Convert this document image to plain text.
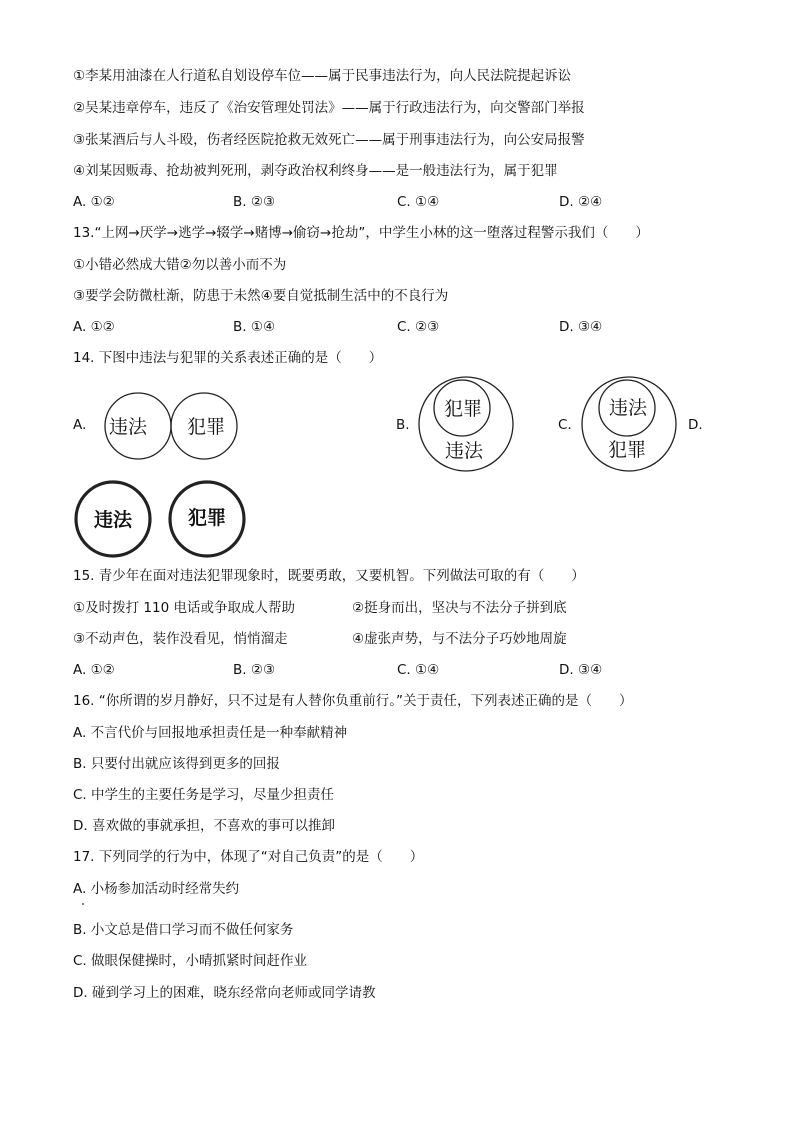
①李某用油漆在人行道私自划设停车位——属于民事违法行为，向人民法院提起诉讼
②吴某违章停车，违反了《治安管理处罚法》——属于行政违法行为，向交警部门举报
③张某酒后与人斗殴，伤者经医院抢救无效死亡——属于刑事违法行为，向公安局报警
④刘某因贩毒、抢劫被判死刑，剥夺政治权利终身——是一般违法行为，属于犯罪
A. ①②	B. ②③	C. ①④	D. ②④
13.“上网→厌学→逃学→辍学→赌博→偷窃→抢劫”，中学生小林的这一堕落过程警示我们（　　）
①小错必然成大错②勿以善小而不为
③要学会防微杜渐，防患于未然④要自觉抵制生活中的不良行为
A. ①②	B. ①④	C. ②③	D. ③④
14. 下图中违法与犯罪的关系表述正确的是（　　）
A. 违法 犯罪	B.
犯罪
违法
C.
违法
犯罪
D.
违法	犯罪
15. 青少年在面对违法犯罪现象时，既要勇敢，又要机智。下列做法可取的有（　　）
①及时拨打 110 电话或争取成人帮助	②挺身而出，坚决与不法分子拼到底
③不动声色，装作没看见，悄悄溜走	④虚张声势，与不法分子巧妙地周旋
A. ①②	B. ②③	C. ①④	D. ③④
16. “你所谓的岁月静好，只不过是有人替你负重前行。”关于责任，下列表述正确的是（　　）
A. 不言代价与回报地承担责任是一种奉献精神
B. 只要付出就应该得到更多的回报
C. 中学生的主要任务是学习，尽量少担责任
D. 喜欢做的事就承担，不喜欢的事可以推卸
17. 下列同学的行为中，体现了“对自己负责”的是（　　）
A. 小杨参加活动时经常失约
B. 小文总是借口学习而不做任何家务
C. 做眼保健操时，小晴抓紧时间赶作业
D. 碰到学习上的困难，晓东经常向老师或同学请教
